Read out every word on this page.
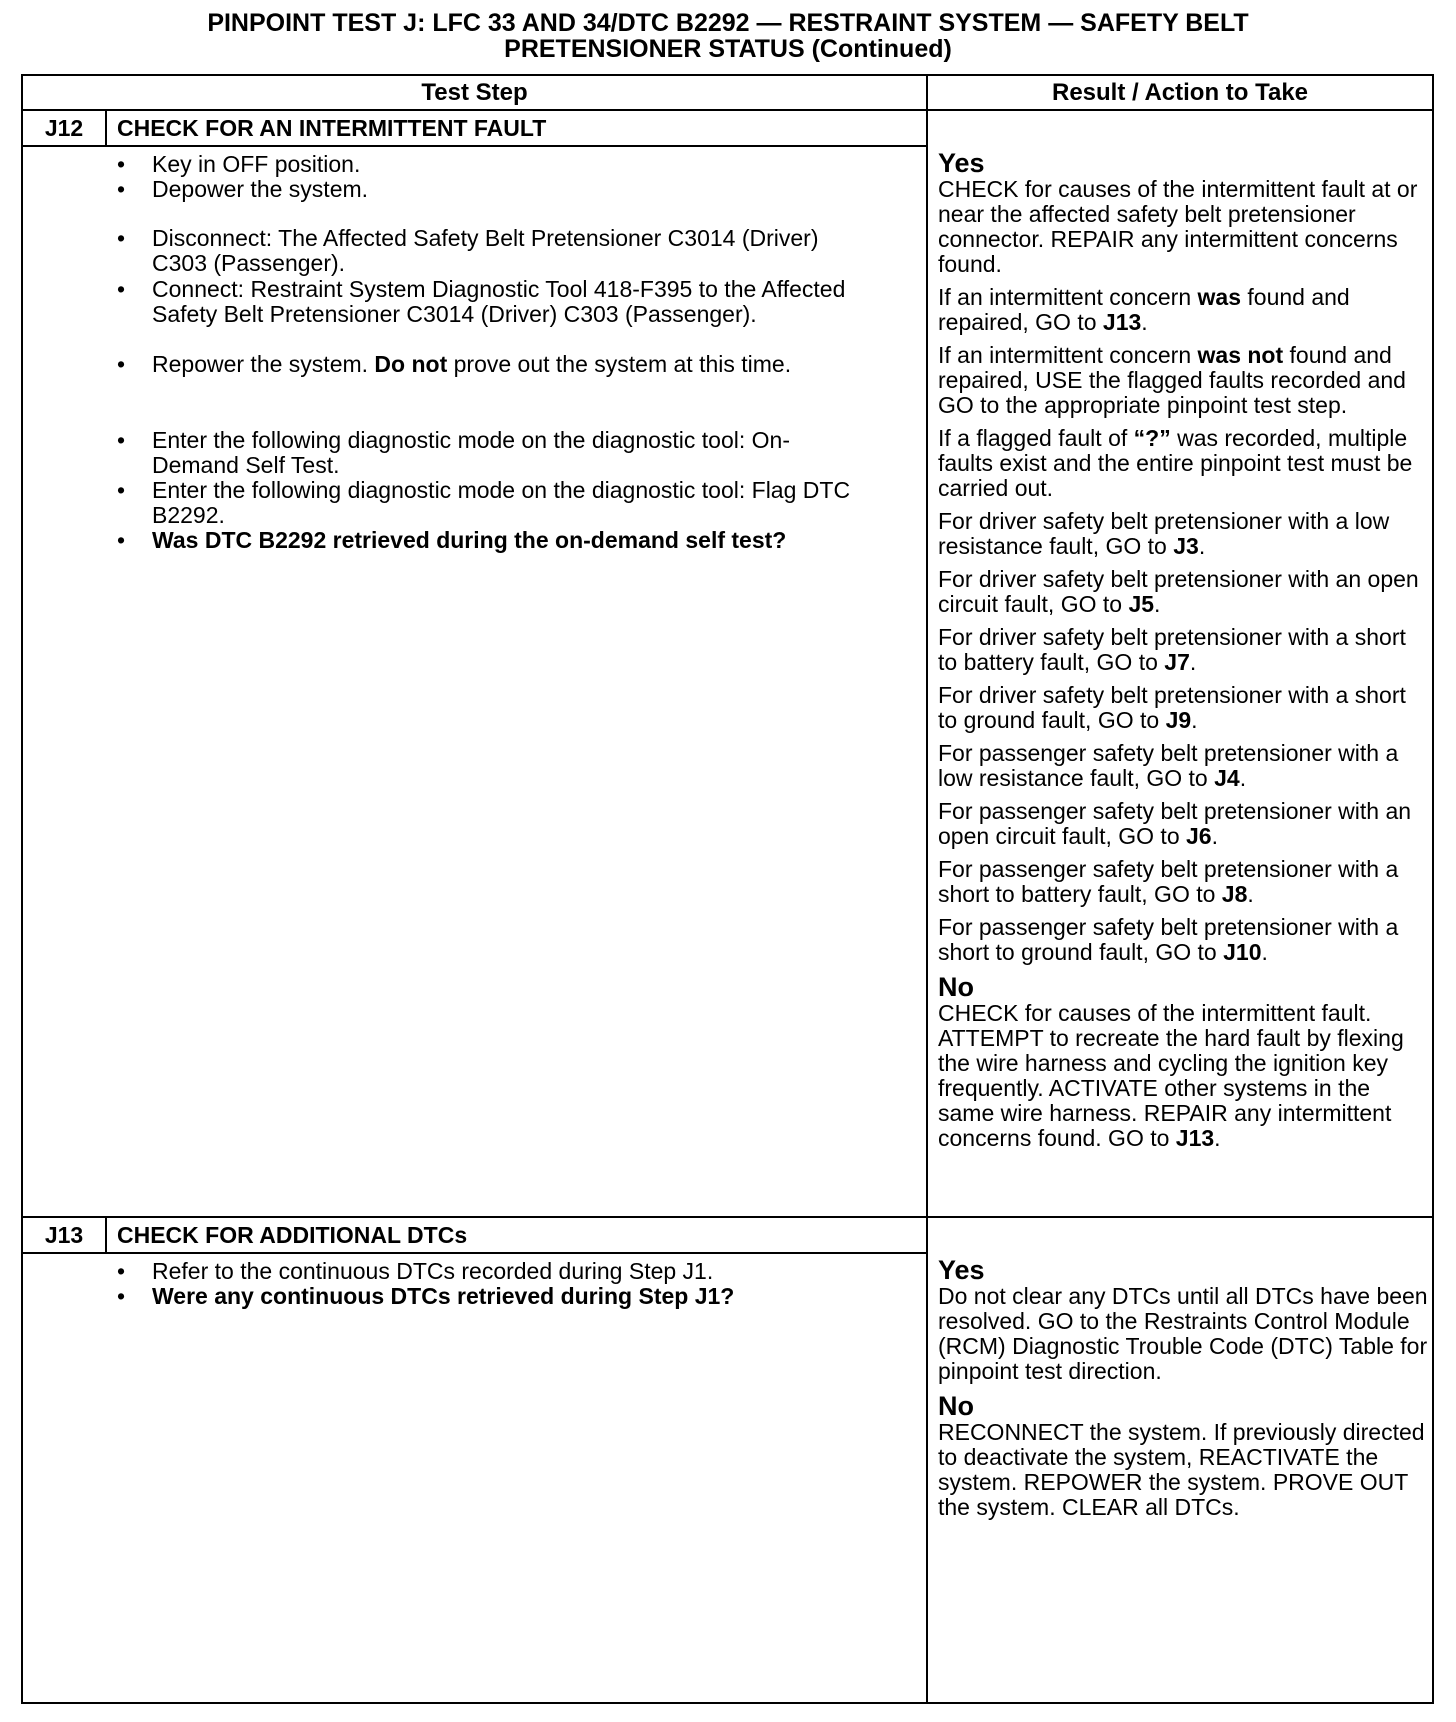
PINPOINT TEST J: LFC 33 AND 34/DTC B2292 — RESTRAINT SYSTEM — SAFETY BELT
PRETENSIONER STATUS (Continued)
Test Step	Result / Action to Take
J12	CHECK FOR AN INTERMITTENT FAULT
• Key in OFF position.
• Depower the system.
• Disconnect: The Affected Safety Belt Pretensioner C3014 (Driver) C303 (Passenger).
• Connect: Restraint System Diagnostic Tool 418-F395 to the Affected Safety Belt Pretensioner C3014 (Driver) C303 (Passenger).
• Repower the system. Do not prove out the system at this time.
• Enter the following diagnostic mode on the diagnostic tool: On-Demand Self Test.
• Enter the following diagnostic mode on the diagnostic tool: Flag DTC B2292.
• Was DTC B2292 retrieved during the on-demand self test?
Yes

CHECK for causes of the intermittent fault at or near the affected safety belt pretensioner connector. REPAIR any intermittent concerns found.

If an intermittent concern was found and repaired, GO to J13.

If an intermittent concern was not found and repaired, USE the flagged faults recorded and GO to the appropriate pinpoint test step.

If a flagged fault of “?” was recorded, multiple faults exist and the entire pinpoint test must be carried out.

For driver safety belt pretensioner with a low resistance fault, GO to J3.

For driver safety belt pretensioner with an open circuit fault, GO to J5.

For driver safety belt pretensioner with a short to battery fault, GO to J7.

For driver safety belt pretensioner with a short to ground fault, GO to J9.

For passenger safety belt pretensioner with a low resistance fault, GO to J4.

For passenger safety belt pretensioner with an open circuit fault, GO to J6.

For passenger safety belt pretensioner with a short to battery fault, GO to J8.

For passenger safety belt pretensioner with a short to ground fault, GO to J10.

No

CHECK for causes of the intermittent fault. ATTEMPT to recreate the hard fault by flexing the wire harness and cycling the ignition key frequently. ACTIVATE other systems in the same wire harness. REPAIR any intermittent concerns found. GO to J13.

J13	CHECK FOR ADDITIONAL DTCs
• Refer to the continuous DTCs recorded during Step J1.
• Were any continuous DTCs retrieved during Step J1?
Yes

Do not clear any DTCs until all DTCs have been resolved. GO to the Restraints Control Module (RCM) Diagnostic Trouble Code (DTC) Table for pinpoint test direction.

No

RECONNECT the system. If previously directed to deactivate the system, REACTIVATE the system. REPOWER the system. PROVE OUT the system. CLEAR all DTCs.
